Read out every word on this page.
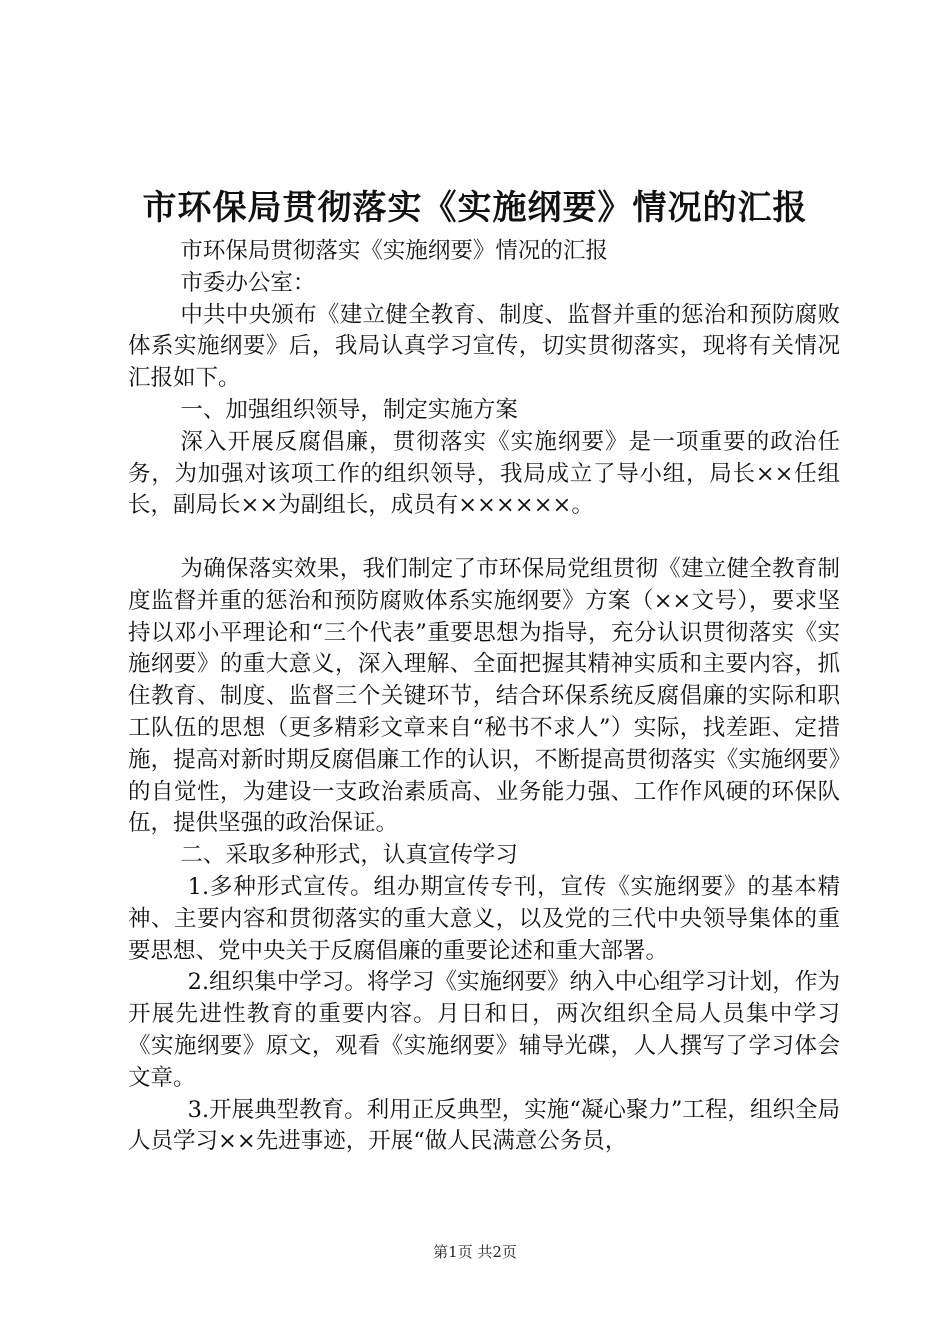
市环保局贯彻落实《实施纲要》情况的汇报

市环保局贯彻落实《实施纲要》情况的汇报

市委办公室：

中共中央颁布《建立健全教育、制度、监督并重的惩治和预防腐败体系实施纲要》后，我局认真学习宣传，切实贯彻落实，现将有关情况汇报如下。

一、加强组织领导，制定实施方案

深入开展反腐倡廉，贯彻落实《实施纲要》是一项重要的政治任务，为加强对该项工作的组织领导，我局成立了导小组，局长××任组长，副局长××为副组长，成员有××××××。

为确保落实效果，我们制定了市环保局党组贯彻《建立健全教育制度监督并重的惩治和预防腐败体系实施纲要》方案（××文号），要求坚持以邓小平理论和“三个代表”重要思想为指导，充分认识贯彻落实《实施纲要》的重大意义，深入理解、全面把握其精神实质和主要内容，抓住教育、制度、监督三个关键环节，结合环保系统反腐倡廉的实际和职工队伍的思想（更多精彩文章来自“秘书不求人”）实际，找差距、定措施，提高对新时期反腐倡廉工作的认识，不断提高贯彻落实《实施纲要》的自觉性，为建设一支政治素质高、业务能力强、工作作风硬的环保队伍，提供坚强的政治保证。

二、采取多种形式，认真宣传学习

1.多种形式宣传。组办期宣传专刊，宣传《实施纲要》的基本精神、主要内容和贯彻落实的重大意义，以及党的三代中央领导集体的重要思想、党中央关于反腐倡廉的重要论述和重大部署。

2.组织集中学习。将学习《实施纲要》纳入中心组学习计划，作为开展先进性教育的重要内容。月日和日，两次组织全局人员集中学习《实施纲要》原文，观看《实施纲要》辅导光碟，人人撰写了学习体会文章。

3.开展典型教育。利用正反典型，实施“凝心聚力”工程，组织全局人员学习××先进事迹，开展“做人民满意公务员，

第1页 共2页
